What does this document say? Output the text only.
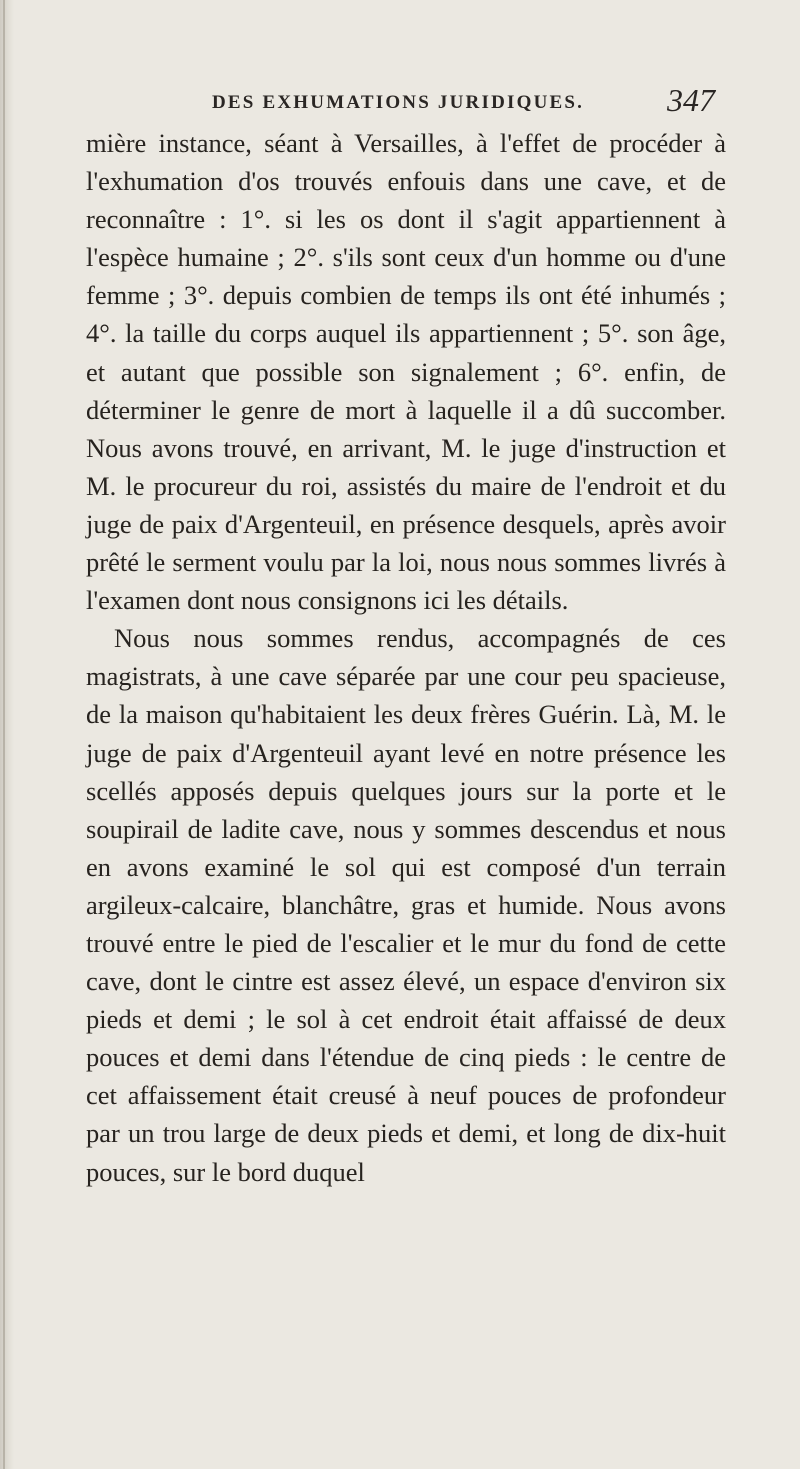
DES EXHUMATIONS JURIDIQUES.	347

mière instance, séant à Versailles, à l'effet de procéder à l'exhumation d'os trouvés enfouis dans une cave, et de reconnaître : 1°. si les os dont il s'agit appartiennent à l'espèce humaine ; 2°. s'ils sont ceux d'un homme ou d'une femme ; 3°. depuis combien de temps ils ont été inhumés ; 4°. la taille du corps auquel ils appartiennent ; 5°. son âge, et autant que possible son signalement ; 6°. enfin, de déterminer le genre de mort à laquelle il a dû succomber. Nous avons trouvé, en arrivant, M. le juge d'instruction et M. le procureur du roi, assistés du maire de l'endroit et du juge de paix d'Argenteuil, en présence desquels, après avoir prêté le serment voulu par la loi, nous nous sommes livrés à l'examen dont nous consignons ici les détails.

Nous nous sommes rendus, accompagnés de ces magistrats, à une cave séparée par une cour peu spacieuse, de la maison qu'habitaient les deux frères Guérin. Là, M. le juge de paix d'Argenteuil ayant levé en notre présence les scellés apposés depuis quelques jours sur la porte et le soupirail de ladite cave, nous y sommes descendus et nous en avons examiné le sol qui est composé d'un terrain argileux-calcaire, blanchâtre, gras et humide. Nous avons trouvé entre le pied de l'escalier et le mur du fond de cette cave, dont le cintre est assez élevé, un espace d'environ six pieds et demi ; le sol à cet endroit était affaissé de deux pouces et demi dans l'étendue de cinq pieds : le centre de cet affaissement était creusé à neuf pouces de profondeur par un trou large de deux pieds et demi, et long de dix-huit pouces, sur le bord duquel
